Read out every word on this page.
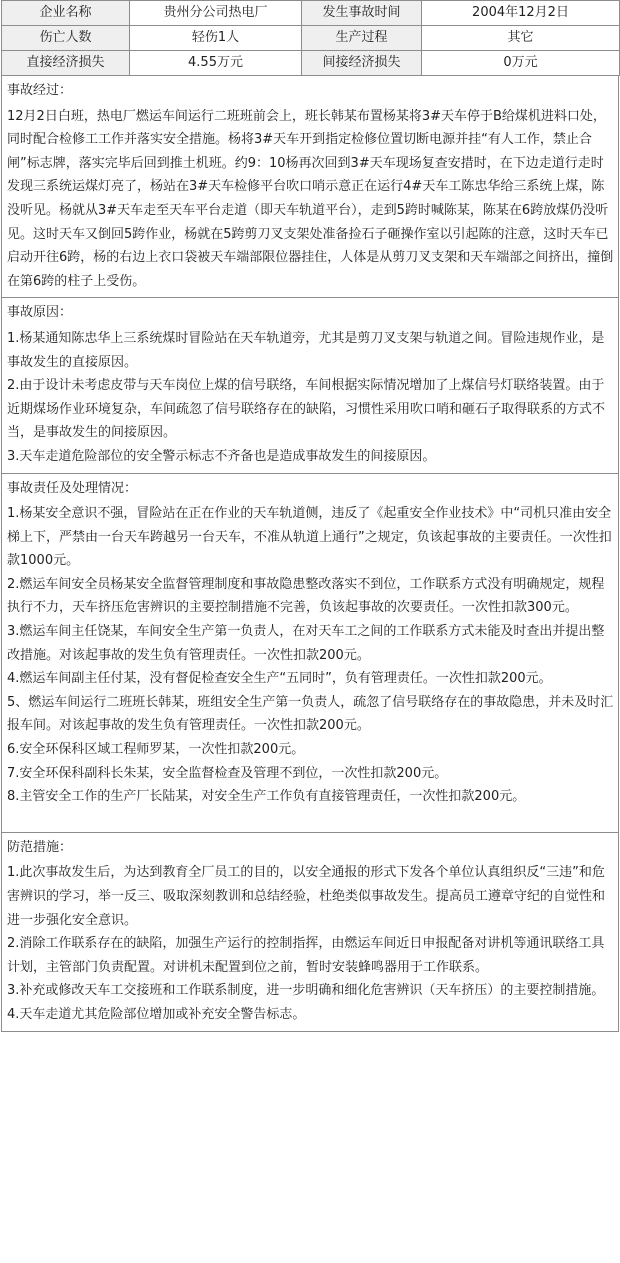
企业名称	贵州分公司热电厂	发生事故时间	2004年12月2日
伤亡人数	轻伤1人	生产过程	其它
直接经济损失	4.55万元	间接经济损失	0万元

事故经过：

12月2日白班，热电厂燃运车间运行二班班前会上，班长韩某布置杨某将3#天车停于B给煤机进料口处，同时配合检修工工作并落实安全措施。杨将3#天车开到指定检修位置切断电源并挂“有人工作，禁止合闸”标志牌，落实完毕后回到推土机班。约9：10杨再次回到3#天车现场复查安措时，在下边走道行走时发现三系统运煤灯亮了，杨站在3#天车检修平台吹口哨示意正在运行4#天车工陈忠华给三系统上煤，陈没听见。杨就从3#天车走至天车平台走道（即天车轨道平台），走到5跨时喊陈某，陈某在6跨放煤仍没听见。这时天车又倒回5跨作业，杨就在5跨剪刀叉支架处准备捡石子砸操作室以引起陈的注意，这时天车已启动开往6跨，杨的右边上衣口袋被天车端部限位器挂住，人体是从剪刀叉支架和天车端部之间挤出，撞倒在第6跨的柱子上受伤。

事故原因：

1.杨某通知陈忠华上三系统煤时冒险站在天车轨道旁，尤其是剪刀叉支架与轨道之间。冒险违规作业，是事故发生的直接原因。

2.由于设计未考虑皮带与天车岗位上煤的信号联络，车间根据实际情况增加了上煤信号灯联络装置。由于近期煤场作业环境复杂，车间疏忽了信号联络存在的缺陷，习惯性采用吹口哨和砸石子取得联系的方式不当，是事故发生的间接原因。

3.天车走道危险部位的安全警示标志不齐备也是造成事故发生的间接原因。

事故责任及处理情况：

1.杨某安全意识不强，冒险站在正在作业的天车轨道侧，违反了《起重安全作业技术》中“司机只准由安全梯上下，严禁由一台天车跨越另一台天车，不准从轨道上通行”之规定，负该起事故的主要责任。一次性扣款1000元。

2.燃运车间安全员杨某安全监督管理制度和事故隐患整改落实不到位，工作联系方式没有明确规定，规程执行不力，天车挤压危害辨识的主要控制措施不完善，负该起事故的次要责任。一次性扣款300元。

3.燃运车间主任饶某，车间安全生产第一负责人，在对天车工之间的工作联系方式未能及时查出并提出整改措施。对该起事故的发生负有管理责任。一次性扣款200元。

4.燃运车间副主任付某，没有督促检查安全生产“五同时”，负有管理责任。一次性扣款200元。

5、燃运车间运行二班班长韩某，班组安全生产第一负责人，疏忽了信号联络存在的事故隐患，并未及时汇报车间。对该起事故的发生负有管理责任。一次性扣款200元。

6.安全环保科区域工程师罗某，一次性扣款200元。

7.安全环保科副科长朱某，安全监督检查及管理不到位，一次性扣款200元。

8.主管安全工作的生产厂长陆某，对安全生产工作负有直接管理责任，一次性扣款200元。

防范措施：

1.此次事故发生后，为达到教育全厂员工的目的，以安全通报的形式下发各个单位认真组织反“三违”和危害辨识的学习，举一反三、吸取深刻教训和总结经验，杜绝类似事故发生。提高员工遵章守纪的自觉性和进一步强化安全意识。

2.消除工作联系存在的缺陷，加强生产运行的控制指挥，由燃运车间近日申报配备对讲机等通讯联络工具计划，主管部门负责配置。对讲机未配置到位之前，暂时安装蜂鸣器用于工作联系。

3.补充或修改天车工交接班和工作联系制度，进一步明确和细化危害辨识（天车挤压）的主要控制措施。

4.天车走道尤其危险部位增加或补充安全警告标志。
